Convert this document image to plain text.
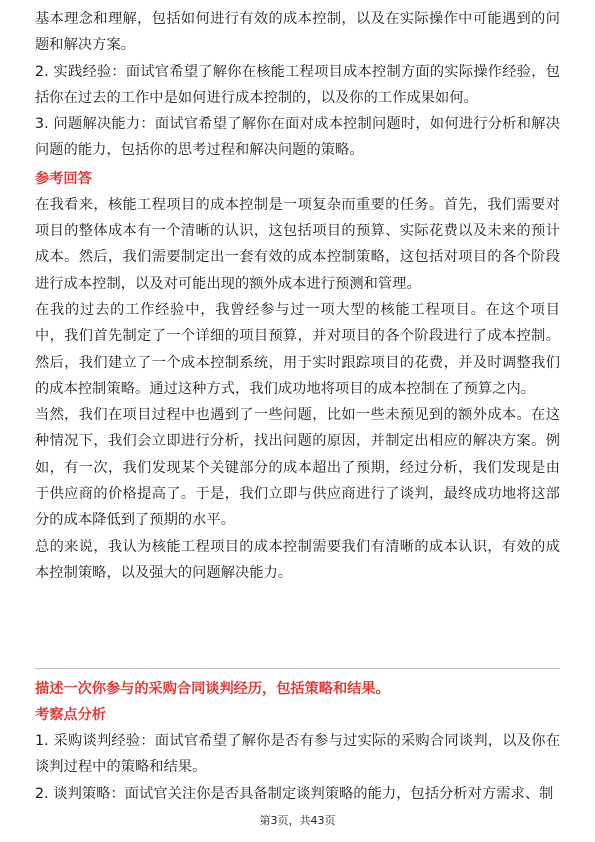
基本理念和理解，包括如何进行有效的成本控制，以及在实际操作中可能遇到的问题和解决方案。

2. 实践经验：面试官希望了解你在核能工程项目成本控制方面的实际操作经验，包括你在过去的工作中是如何进行成本控制的，以及你的工作成果如何。

3. 问题解决能力：面试官希望了解你在面对成本控制问题时，如何进行分析和解决问题的能力，包括你的思考过程和解决问题的策略。

参考回答

在我看来，核能工程项目的成本控制是一项复杂而重要的任务。首先，我们需要对项目的整体成本有一个清晰的认识，这包括项目的预算、实际花费以及未来的预计成本。然后，我们需要制定出一套有效的成本控制策略，这包括对项目的各个阶段进行成本控制，以及对可能出现的额外成本进行预测和管理。

在我的过去的工作经验中，我曾经参与过一项大型的核能工程项目。在这个项目中，我们首先制定了一个详细的项目预算，并对项目的各个阶段进行了成本控制。然后，我们建立了一个成本控制系统，用于实时跟踪项目的花费，并及时调整我们的成本控制策略。通过这种方式，我们成功地将项目的成本控制在了预算之内。

当然，我们在项目过程中也遇到了一些问题，比如一些未预见到的额外成本。在这种情况下，我们会立即进行分析，找出问题的原因，并制定出相应的解决方案。例如，有一次，我们发现某个关键部分的成本超出了预期，经过分析，我们发现是由于供应商的价格提高了。于是，我们立即与供应商进行了谈判，最终成功地将这部分的成本降低到了预期的水平。

总的来说，我认为核能工程项目的成本控制需要我们有清晰的成本认识，有效的成本控制策略，以及强大的问题解决能力。

描述一次你参与的采购合同谈判经历，包括策略和结果。

考察点分析

1. 采购谈判经验：面试官希望了解你是否有参与过实际的采购合同谈判，以及你在谈判过程中的策略和结果。

2. 谈判策略：面试官关注你是否具备制定谈判策略的能力，包括分析对方需求、制

第3页，共43页
